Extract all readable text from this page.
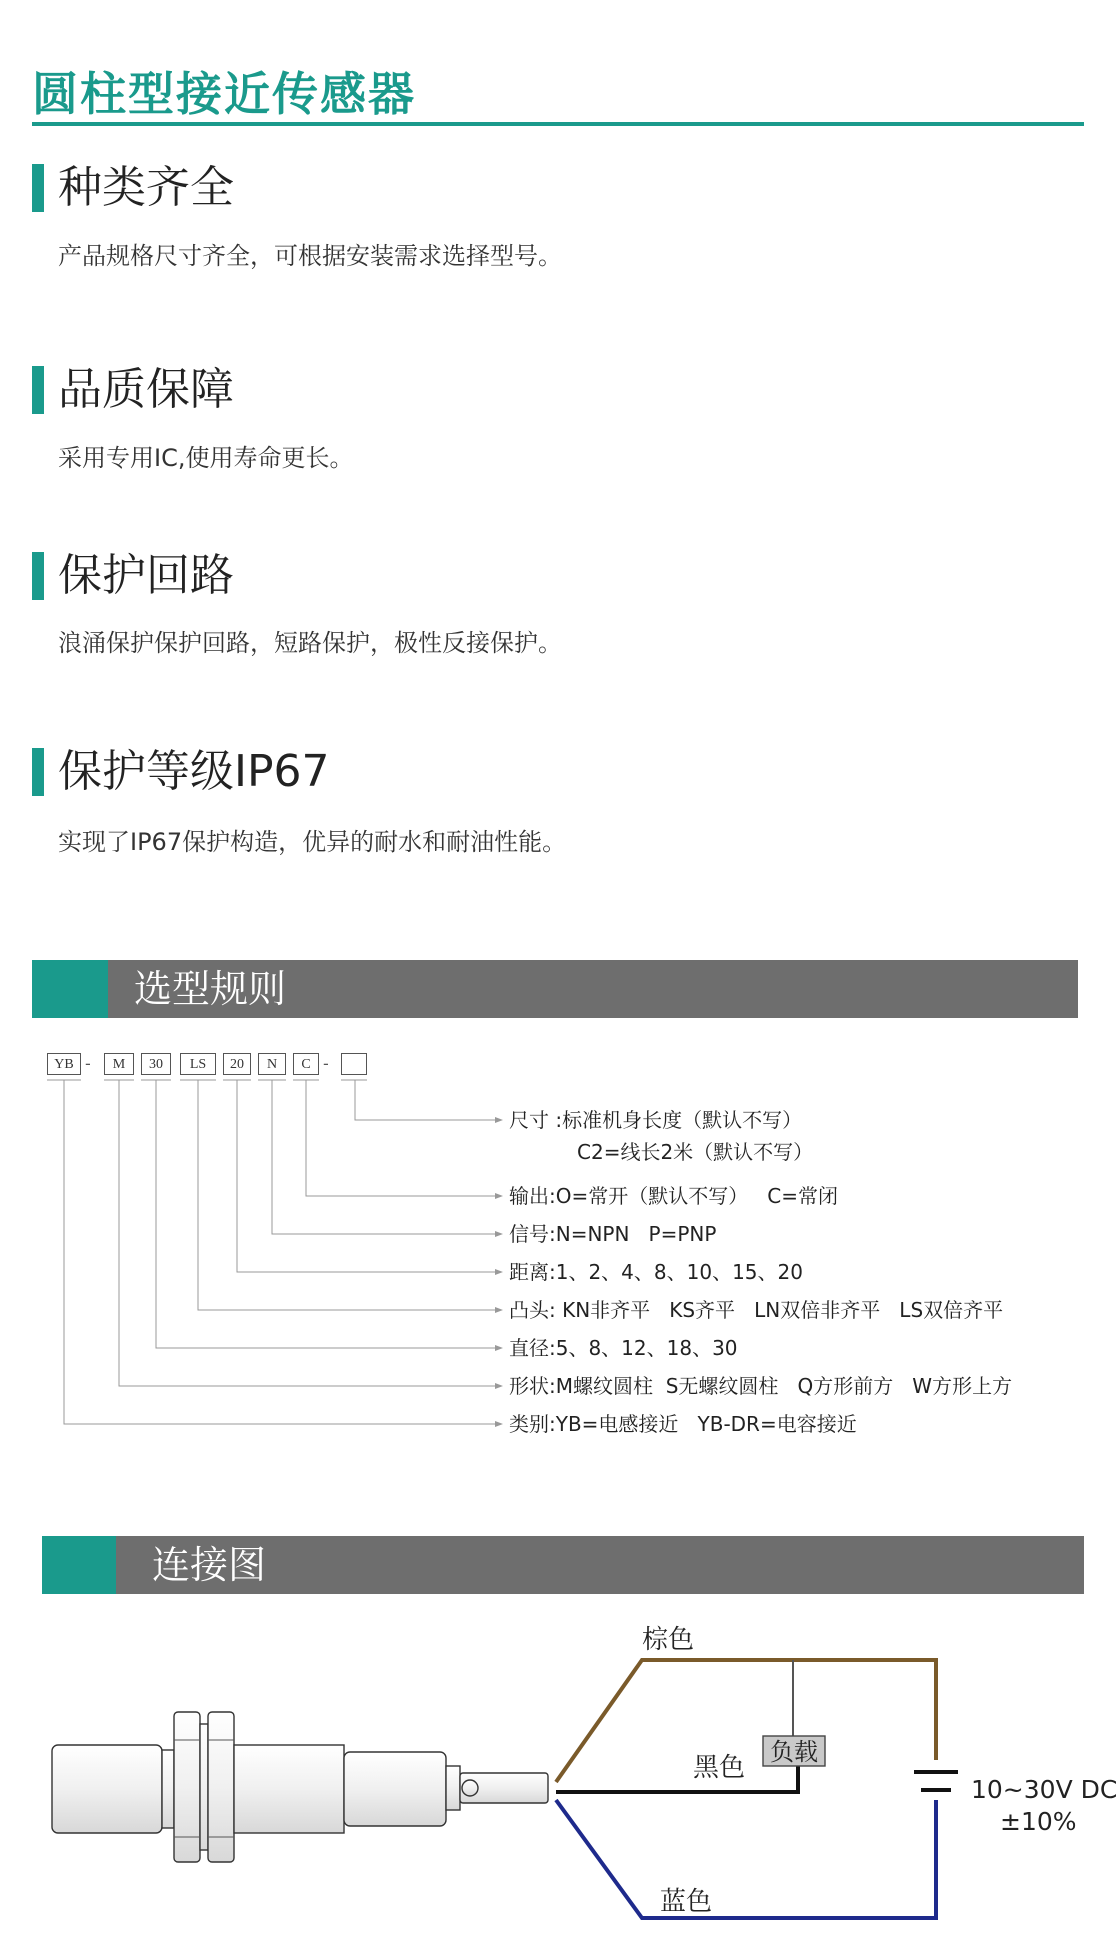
圆柱型接近传感器
种类齐全
产品规格尺寸齐全，可根据安装需求选择型号。
品质保障
采用专用IC,使用寿命更长。
保护回路
浪涌保护保护回路，短路保护，极性反接保护。
保护等级IP67
实现了IP67保护构造，优异的耐水和耐油性能。
选型规则
YB -	M	30	LS	20	N	C -
尺寸 :标准机身长度（默认不写）
C2=线长2米（默认不写）
输出:O=常开（默认不写）   C=常闭
信号:N=NPN   P=PNP
距离:1、2、4、8、10、15、20
凸头: KN非齐平   KS齐平   LN双倍非齐平   LS双倍齐平
直径:5、8、12、18、30
形状:M螺纹圆柱  S无螺纹圆柱   Q方形前方   W方形上方
类别:YB=电感接近   YB-DR=电容接近
连接图
棕色
黑色
负载
蓝色
10~30V DC
±10%
